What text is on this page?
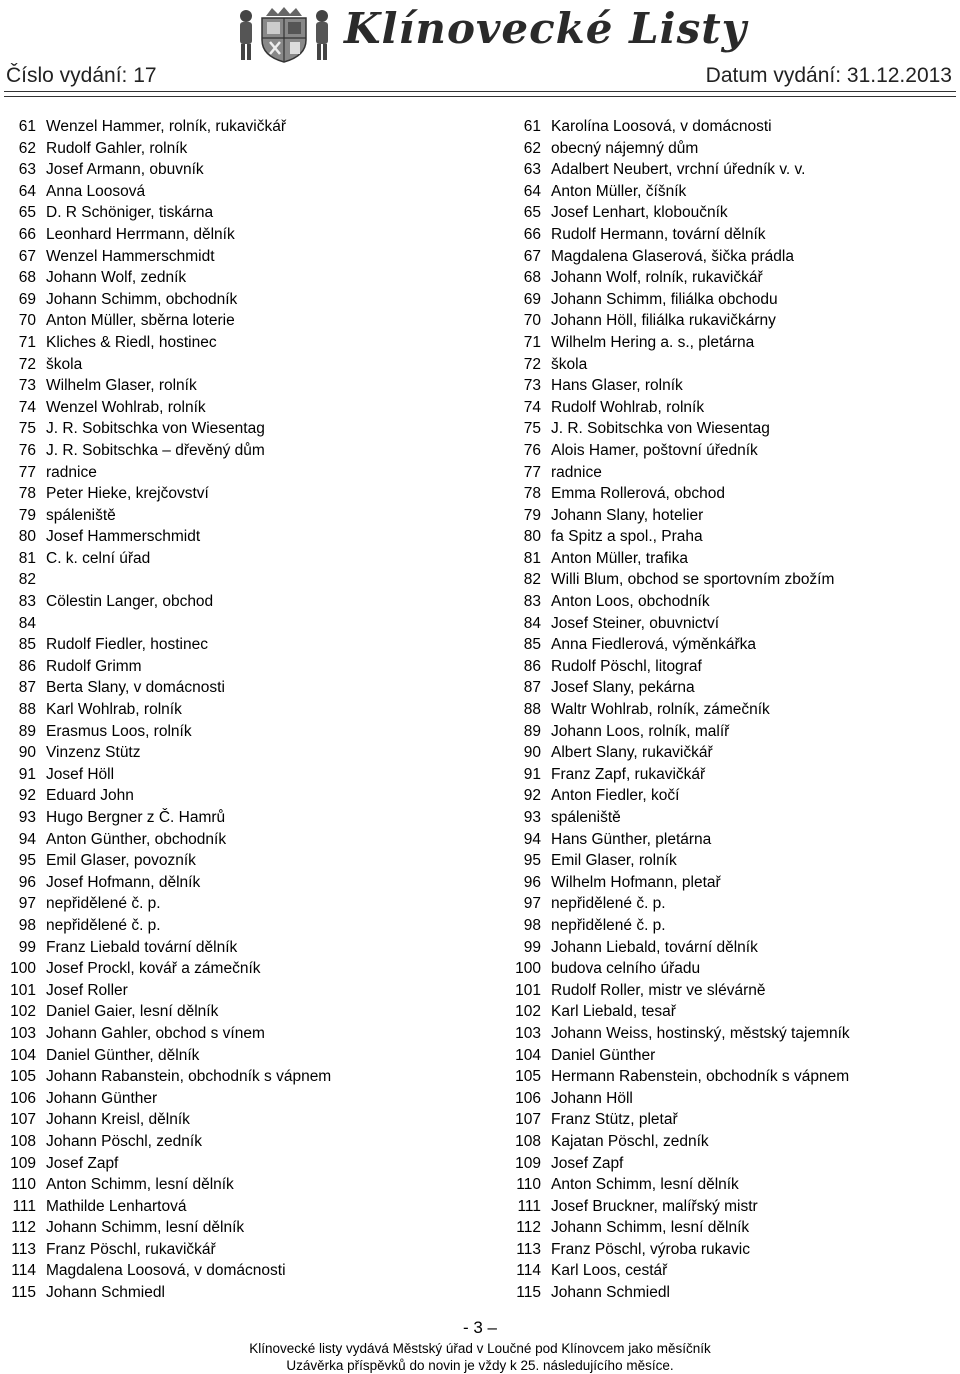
Klínovecké Listy
Číslo vydání: 17	Datum vydání: 31.12.2013
61 Wenzel Hammer, rolník, rukavičkář
62 Rudolf Gahler, rolník
63 Josef Armann, obuvník
64 Anna Loosová
65 D. R Schöniger, tiskárna
66 Leonhard Herrmann, dělník
67 Wenzel Hammerschmidt
68 Johann Wolf, zedník
69 Johann Schimm, obchodník
70 Anton Müller, sběrna loterie
71 Kliches & Riedl, hostinec
72 škola
73 Wilhelm Glaser, rolník
74 Wenzel Wohlrab, rolník
75 J. R. Sobitschka von Wiesentag
76 J. R. Sobitschka – dřevěný dům
77 radnice
78 Peter Hieke, krejčovství
79 spáleniště
80 Josef Hammerschmidt
81 C. k. celní úřad
82
83 Cölestin Langer, obchod
84
85 Rudolf Fiedler, hostinec
86 Rudolf Grimm
87 Berta Slany, v domácnosti
88 Karl Wohlrab, rolník
89 Erasmus Loos, rolník
90 Vinzenz Stütz
91 Josef Höll
92 Eduard John
93 Hugo Bergner z Č. Hamrů
94 Anton Günther, obchodník
95 Emil Glaser, povozník
96 Josef Hofmann, dělník
97 nepřidělené č. p.
98 nepřidělené č. p.
99 Franz Liebald tovární dělník
100 Josef Prockl, kovář a zámečník
101 Josef Roller
102 Daniel Gaier, lesní dělník
103 Johann Gahler, obchod s vínem
104 Daniel Günther, dělník
105 Johann Rabanstein, obchodník s vápnem
106 Johann Günther
107 Johann Kreisl, dělník
108 Johann Pöschl, zedník
109 Josef Zapf
110 Anton Schimm, lesní dělník
111 Mathilde Lenhartová
112 Johann Schimm, lesní dělník
113 Franz Pöschl, rukavičkář
114 Magdalena Loosová, v domácnosti
115 Johann Schmiedl
61 Karolína Loosová, v domácnosti
62 obecný nájemný dům
63 Adalbert Neubert, vrchní úředník v. v.
64 Anton Müller, číšník
65 Josef Lenhart, kloboučník
66 Rudolf Hermann, tovární dělník
67 Magdalena Glaserová, šička prádla
68 Johann Wolf, rolník, rukavičkář
69 Johann Schimm, filiálka obchodu
70 Johann Höll, filiálka rukavičkárny
71 Wilhelm Hering a. s., pletárna
72 škola
73 Hans Glaser, rolník
74 Rudolf Wohlrab, rolník
75 J. R. Sobitschka von Wiesentag
76 Alois Hamer, poštovní úředník
77 radnice
78 Emma Rollerová, obchod
79 Johann Slany, hotelier
80 fa Spitz a spol., Praha
81 Anton Müller, trafika
82 Willi Blum, obchod se sportovním zbožím
83 Anton Loos, obchodník
84 Josef Steiner, obuvnictví
85 Anna Fiedlerová, výměnkářka
86 Rudolf Pöschl, litograf
87 Josef Slany, pekárna
88 Waltr Wohlrab, rolník, zámečník
89 Johann Loos, rolník, malíř
90 Albert Slany, rukavičkář
91 Franz Zapf, rukavičkář
92 Anton Fiedler, kočí
93 spáleniště
94 Hans Günther, pletárna
95 Emil Glaser, rolník
96 Wilhelm Hofmann, pletař
97 nepřidělené č. p.
98 nepřidělené č. p.
99 Johann Liebald, tovární dělník
100 budova celního úřadu
101 Rudolf Roller, mistr ve slévárně
102 Karl Liebald, tesař
103 Johann Weiss, hostinský, městský tajemník
104 Daniel Günther
105 Hermann Rabenstein, obchodník s vápnem
106 Johann Höll
107 Franz Stütz, pletař
108 Kajatan Pöschl, zedník
109 Josef Zapf
110 Anton Schimm, lesní dělník
111 Josef Bruckner, malířský mistr
112 Johann Schimm, lesní dělník
113 Franz Pöschl, výroba rukavic
114 Karl Loos, cestář
115 Johann Schmiedl
- 3 –
Klínovecké listy vydává Městský úřad v Loučné pod Klínovcem jako měsíčník
Uzávěrka příspěvků do novin je vždy k 25. následujícího měsíce.
